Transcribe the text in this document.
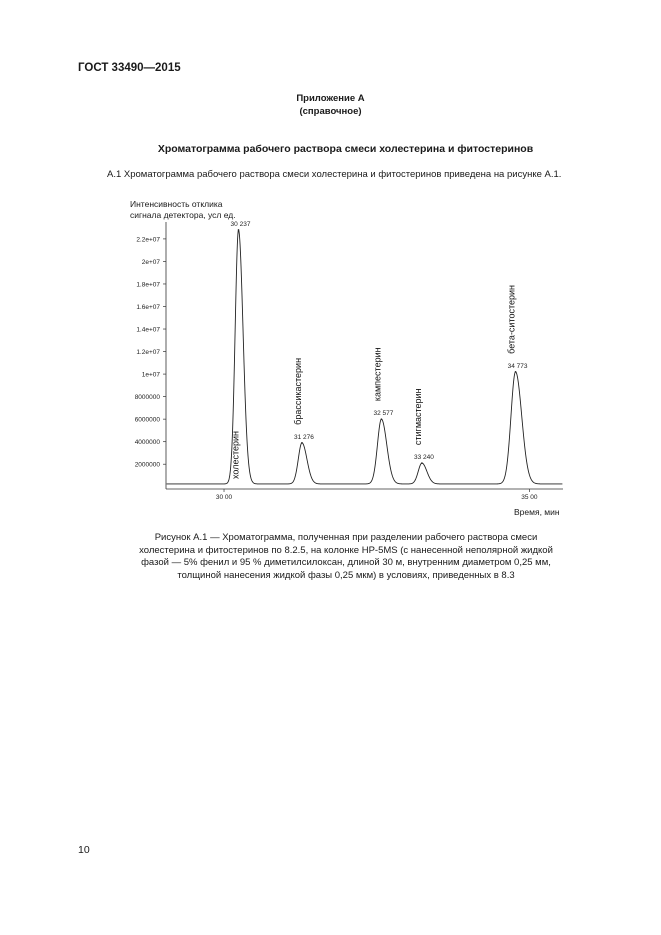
ГОСТ 33490—2015
Приложение А
(справочное)
Хроматограмма рабочего раствора смеси холестерина и фитостеринов
А.1 Хроматограмма рабочего раствора смеси холестерина и фитостеринов приведена на рисунке А.1.
Интенсивность отклика
сигнала детектора, усл ед.
2000000
4000000
6000000
8000000
1e+07
1.2e+07
1.4e+07
1.6e+07
1.8e+07
2e+07
2.2e+07
30 00	35 00
30 237
холестерин	31 276
брассикастерин	32 577
кампестерин
33 240
стигмастерин
34 773
бета-ситостерин
Время, мин
Рисунок А.1 — Хроматограмма, полученная при разделении рабочего раствора смеси
холестерина и фитостеринов по 8.2.5, на колонке НР-5MS (с нанесенной неполярной жидкой
фазой — 5% фенил и 95 % диметилсилоксан, длиной 30 м, внутренним диаметром 0,25 мм,
толщиной нанесения жидкой фазы 0,25 мкм) в условиях, приведенных в 8.3
10
